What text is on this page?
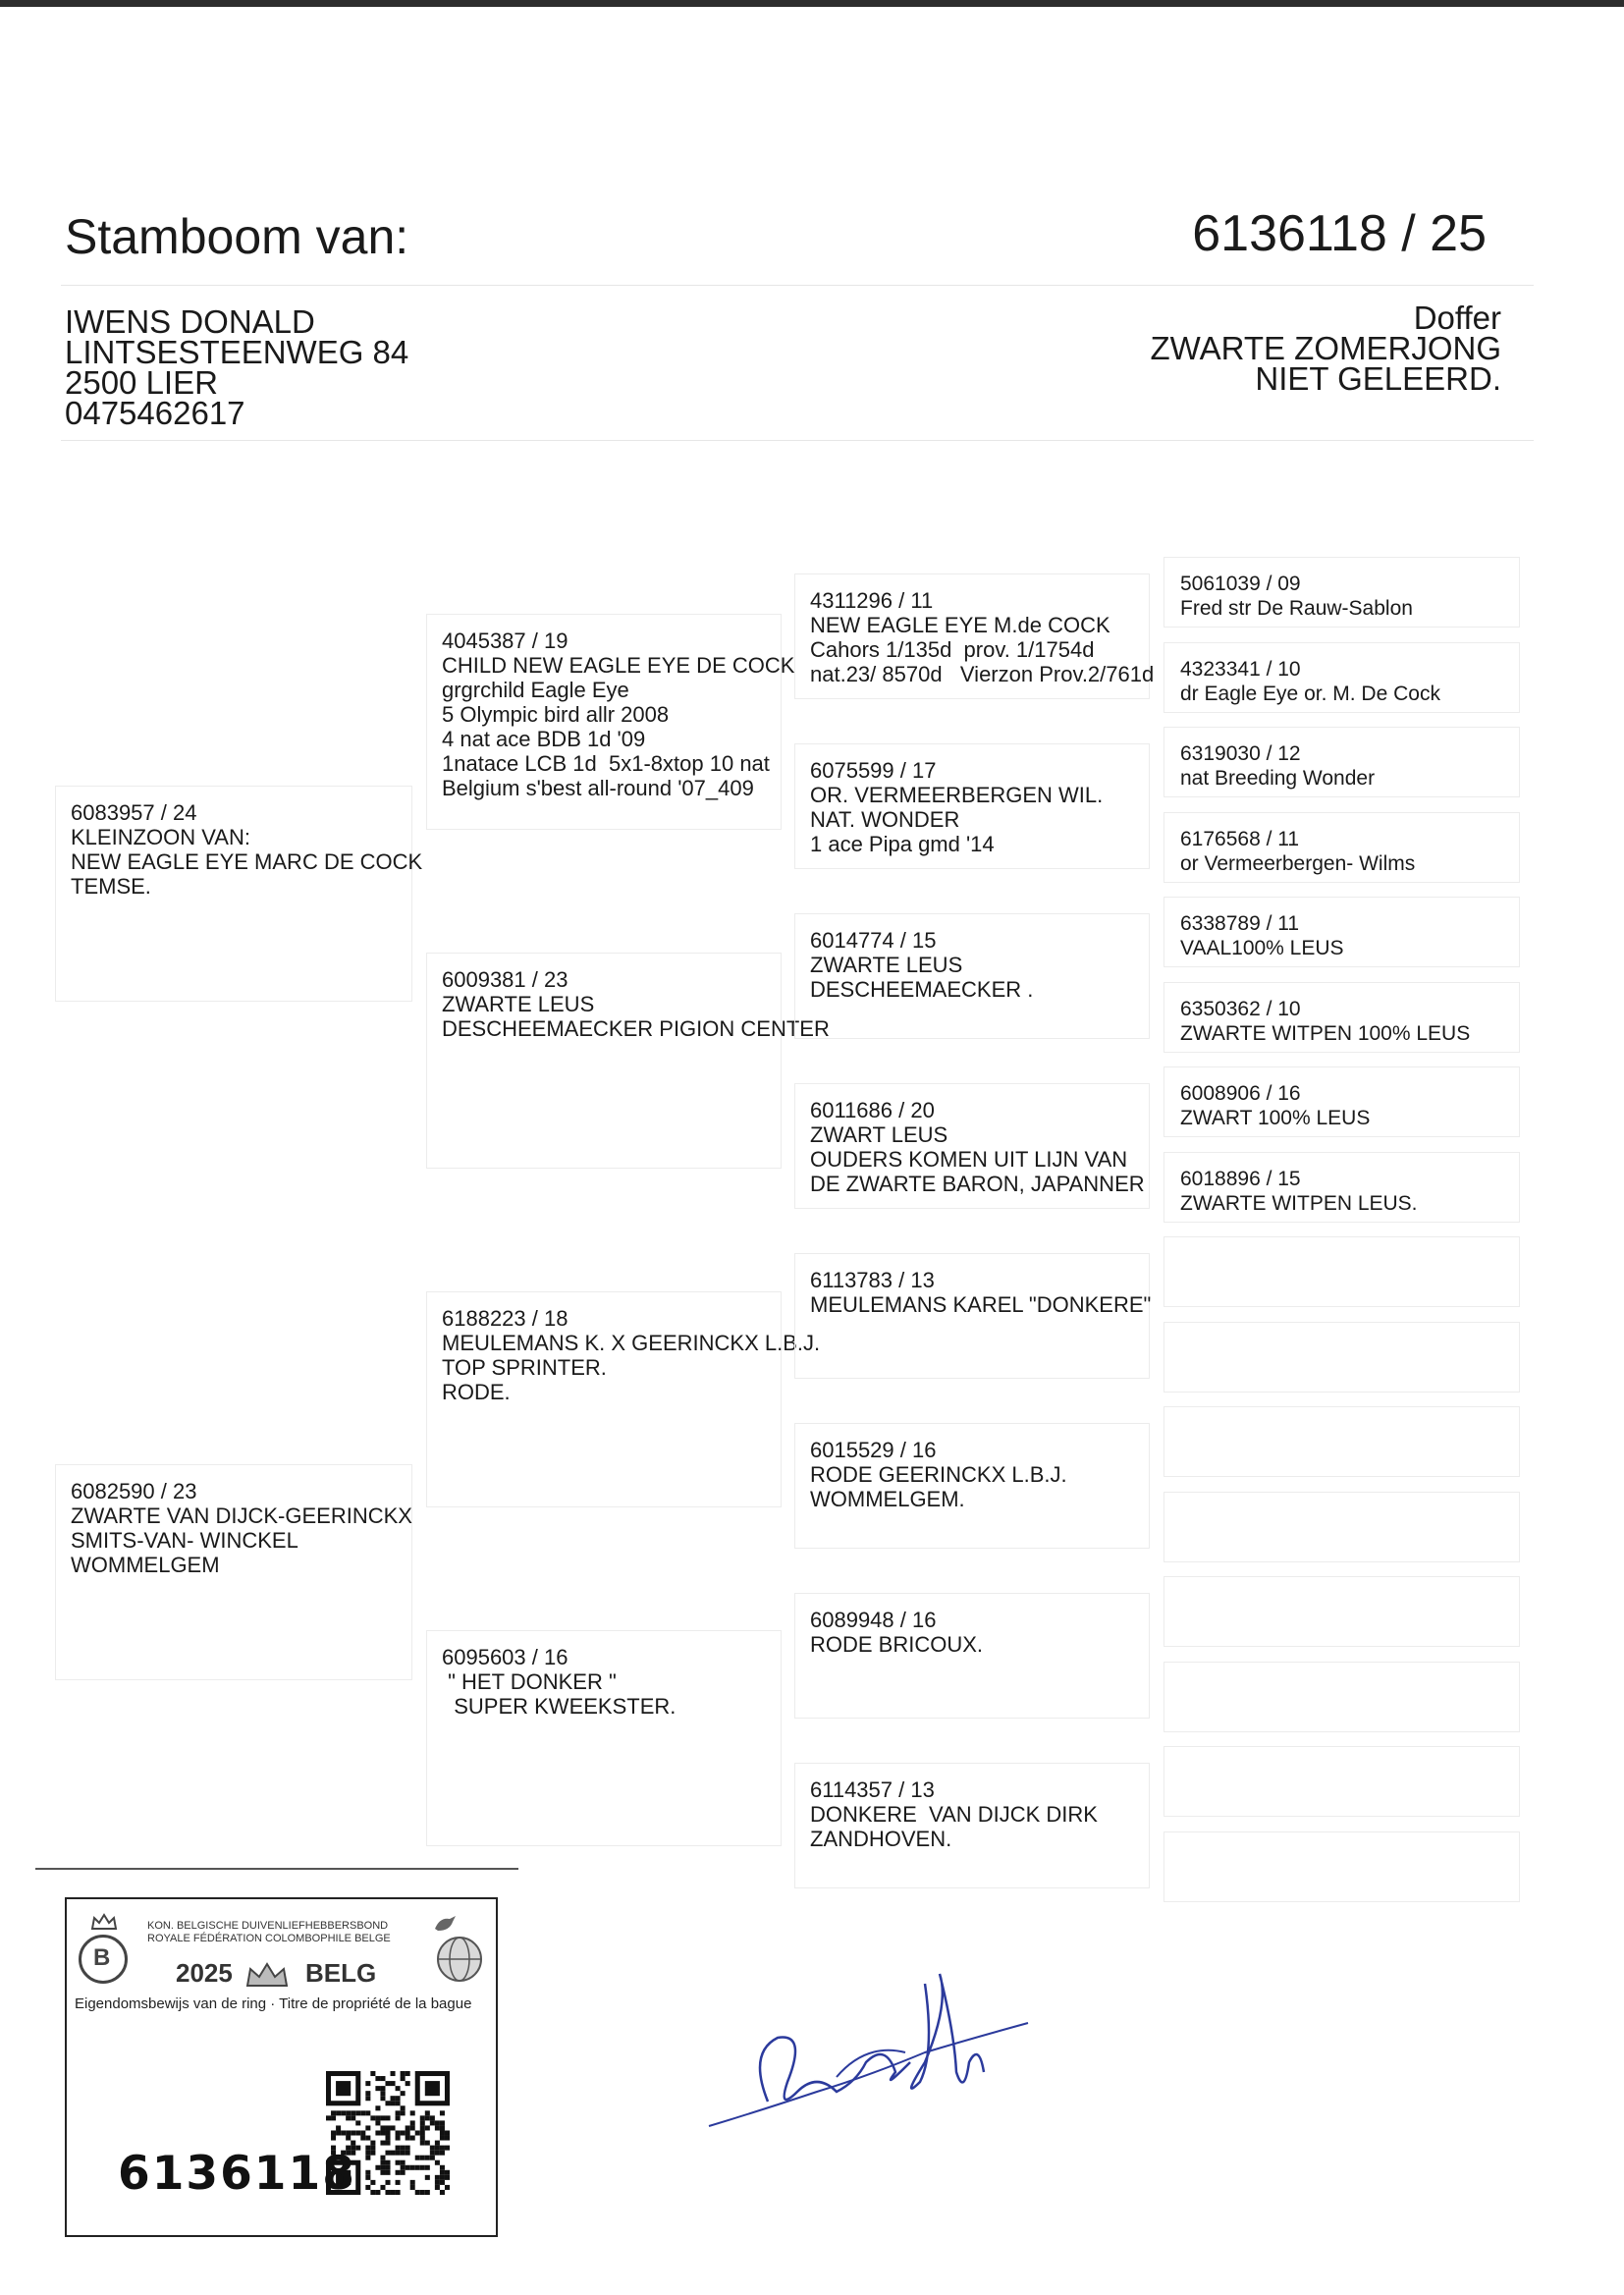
Stamboom van:	6136118 / 25
IWENS DONALD
LINTSESTEENWEG 84
2500 LIER
0475462617
Doffer
ZWARTE ZOMERJONG
NIET GELEERD.
6083957 / 24
KLEINZOON VAN:
NEW EAGLE EYE MARC DE COCK
TEMSE.
6082590 / 23
ZWARTE VAN DIJCK-GEERINCKX
SMITS-VAN- WINCKEL
WOMMELGEM
4045387 / 19
CHILD NEW EAGLE EYE DE COCK
grgrchild Eagle Eye
5 Olympic bird allr 2008
4 nat ace BDB 1d '09
1natace LCB 1d  5x1-8xtop 10 nat
Belgium s'best all-round '07_409
6009381 / 23
ZWARTE LEUS
DESCHEEMAECKER PIGION CENTER
6188223 / 18
MEULEMANS K. X GEERINCKX L.B.J.
TOP SPRINTER.
RODE.
6095603 / 16
" HET DONKER "
SUPER KWEEKSTER.
4311296 / 11
NEW EAGLE EYE M.de COCK
Cahors 1/135d  prov. 1/1754d
nat.23/ 8570d   Vierzon Prov.2/761d
6075599 / 17
OR. VERMEERBERGEN WIL.
NAT. WONDER
1 ace Pipa gmd '14
6014774 / 15
ZWARTE LEUS
DESCHEEMAECKER .
6011686 / 20
ZWART LEUS
OUDERS KOMEN UIT LIJN VAN
DE ZWARTE BARON, JAPANNER
6113783 / 13
MEULEMANS KAREL "DONKERE"
6015529 / 16
RODE GEERINCKX L.B.J.
WOMMELGEM.
6089948 / 16
RODE BRICOUX.
6114357 / 13
DONKERE  VAN DIJCK DIRK
ZANDHOVEN.
5061039 / 09
Fred str De Rauw-Sablon
4323341 / 10
dr Eagle Eye or. M. De Cock
6319030 / 12
nat Breeding Wonder
6176568 / 11
or Vermeerbergen- Wilms
6338789 / 11
VAAL100% LEUS
6350362 / 10
ZWARTE WITPEN 100% LEUS
6008906 / 16
ZWART 100% LEUS
6018896 / 15
ZWARTE WITPEN LEUS.
B
KON. BELGISCHE DUIVENLIEFHEBBERSBOND
ROYALE FÉDÉRATION COLOMBOPHILE BELGE
2025	BELG
Eigendomsbewijs van de ring · Titre de propriété de la bague
6136118
